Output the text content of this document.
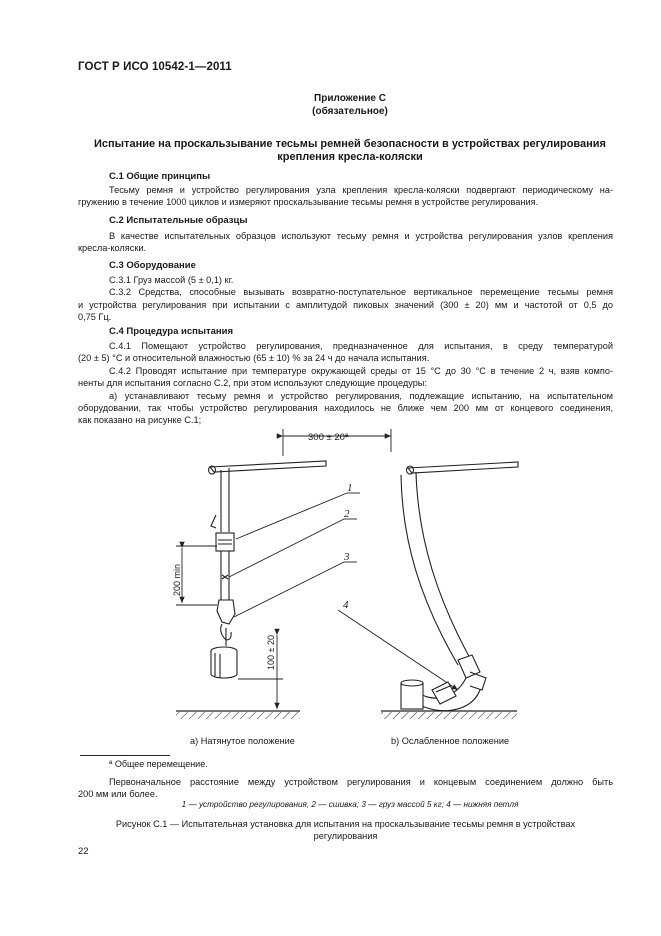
ГОСТ Р ИСО 10542-1—2011
Приложение С
(обязательное)
Испытание на проскальзывание тесьмы ремней безопасности в устройствах регулирования
крепления кресла-коляски
С.1 Общие принципы
Тесьму ремня и устройство регулирования узла крепления кресла-коляски подвергают периодическому на-
гружению в течение 1000 циклов и измеряют проскальзывание тесьмы ремня в устройстве регулирования.
С.2 Испытательные образцы
В качестве испытательных образцов используют тесьму ремня и устройства регулирования узлов крепления
кресла-коляски.
С.3 Оборудование
С.3.1 Груз массой (5 ± 0,1) кг.
С.3.2 Средства, способные вызывать возвратно-поступательное вертикальное перемещение тесьмы ремня
и устройства регулирования при испытании с амплитудой пиковых значений (300 ± 20) мм и частотой от 0,5 до
0,75 Гц.
С.4 Процедура испытания
С.4.1 Помещают устройство регулирования, предназначенное для испытания, в среду температурой
(20 ± 5) °С и относительной влажностью (65 ± 10) % за 24 ч до начала испытания.
С.4.2 Проводят испытание при температуре окружающей среды от 15 °С до 30 °С в течение 2 ч, взяв компо-
ненты для испытания согласно С.2, при этом используют следующие процедуры:
а) устанавливают тесьму ремня и устройство регулирования, подлежащие испытанию, на испытательном
оборудовании, так чтобы устройство регулирования находилось не ближе чем 200 мм от концевого соединения,
как показано на рисунке С.1;
300 ± 20ª
200 min
100 ± 20
1
2
3
4
а) Натянутое положение	b) Ослабленное положение
ª Общее перемещение.
Первоначальное расстояние между устройством регулирования и концевым соединением должно быть
200 мм или более.
1 — устройство регулирования, 2 — сшивка; 3 — груз массой 5 кг; 4 — нижняя петля
Рисунок С.1 — Испытательная установка для испытания на проскальзывание тесьмы ремня в устройствах
регулирования
22
